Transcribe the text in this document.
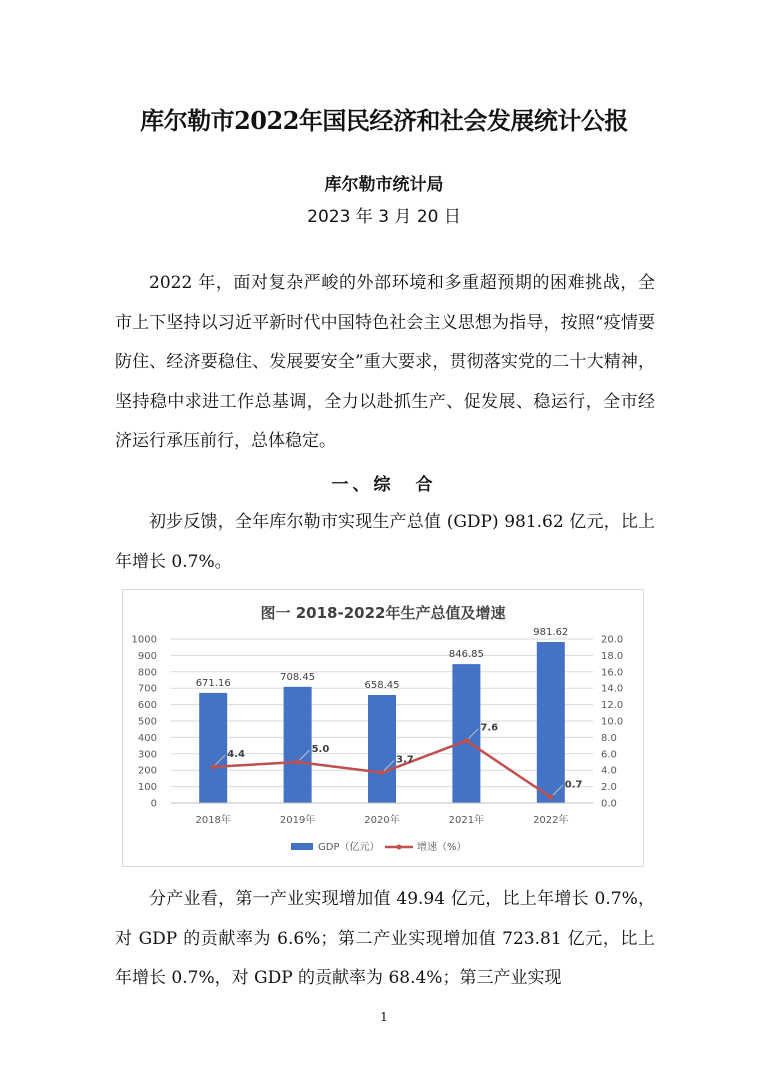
库尔勒市2022年国民经济和社会发展统计公报
库尔勒市统计局
2023 年 3 月 20 日

2022 年，面对复杂严峻的外部环境和多重超预期的困难挑战，全市上下坚持以习近平新时代中国特色社会主义思想为指导，按照“疫情要防住、经济要稳住、发展要安全”重大要求，贯彻落实党的二十大精神，坚持稳中求进工作总基调，全力以赴抓生产、促发展、稳运行，全市经济运行承压前行，总体稳定。

一、综　合

初步反馈，全年库尔勒市实现生产总值 (GDP) 981.62 亿元，比上年增长 0.7%。

图一 2018-2022年生产总值及增速
671.16
708.45
658.45
846.85
981.62
4.4	5.0
3.7
7.6
0.7
0
100
200
300
400
500
600
700
800
900
1000
0.0
2.0
4.0
6.0
8.0
10.0
12.0
14.0
16.0
18.0
20.0
2018年	2019年	2020年	2021年	2022年
GDP（亿元）	增速（%）

分产业看，第一产业实现增加值 49.94 亿元，比上年增长 0.7%，对 GDP 的贡献率为 6.6%；第二产业实现增加值 723.81 亿元，比上年增长 0.7%，对 GDP 的贡献率为 68.4%；第三产业实现

1
